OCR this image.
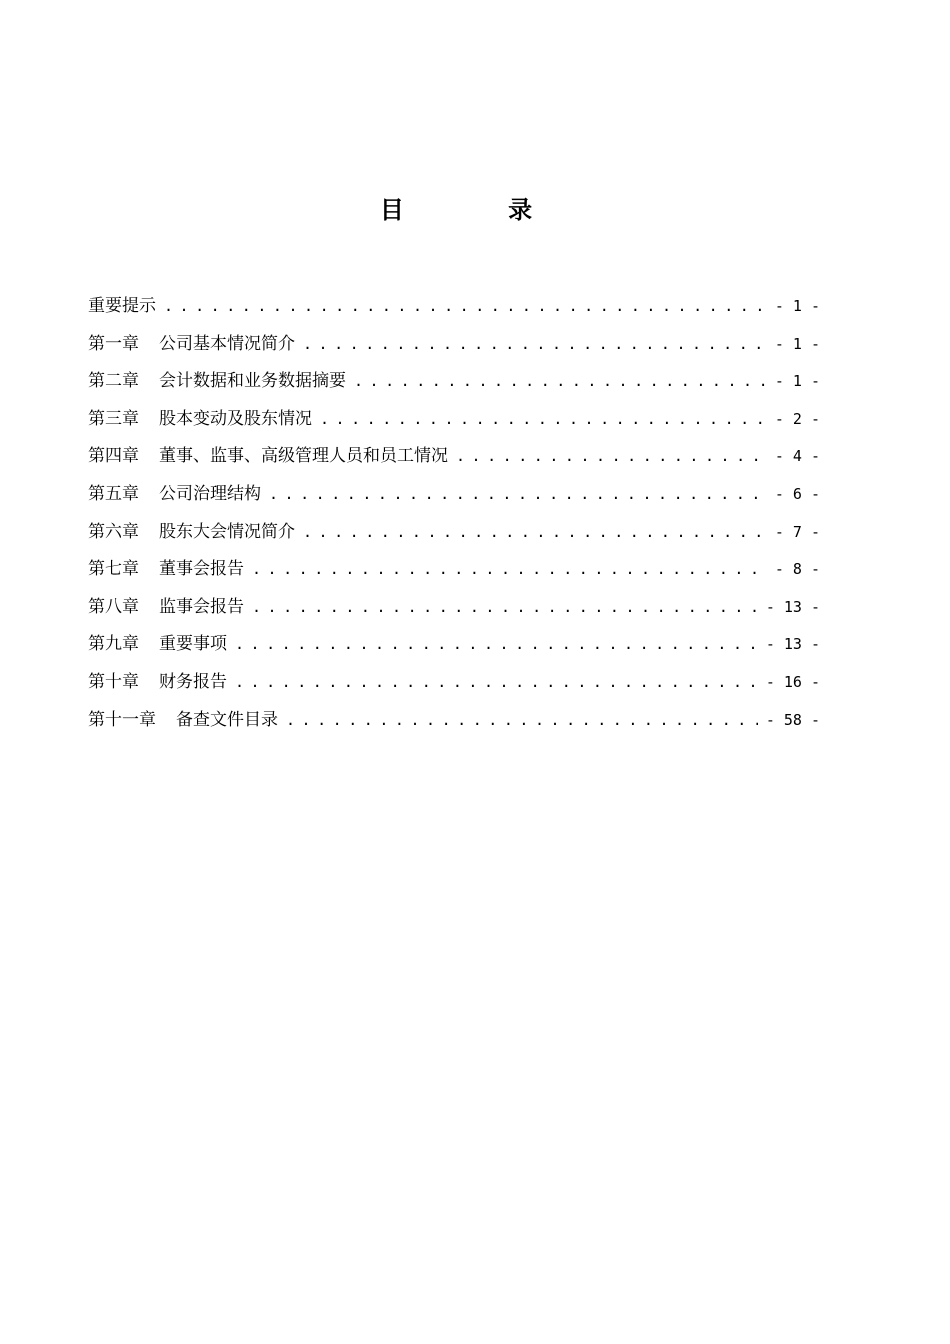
目 录
重要提示 . . .	- 1 -
第一章 公司基本情况简介 . . .	- 1 -
第二章 会计数据和业务数据摘要 . . .	- 1 -
第三章 股本变动及股东情况 . . .	- 2 -
第四章 董事、监事、高级管理人员和员工情况 . . .	- 4 -
第五章 公司治理结构 . . .	- 6 -
第六章 股东大会情况简介 . . .	- 7 -
第七章 董事会报告 . . .	- 8 -
第八章 监事会报告 . . .	- 13 -
第九章 重要事项 . . .	- 13 -
第十章 财务报告 . . .	- 16 -
第十一章 备查文件目录 . . .	- 58 -
